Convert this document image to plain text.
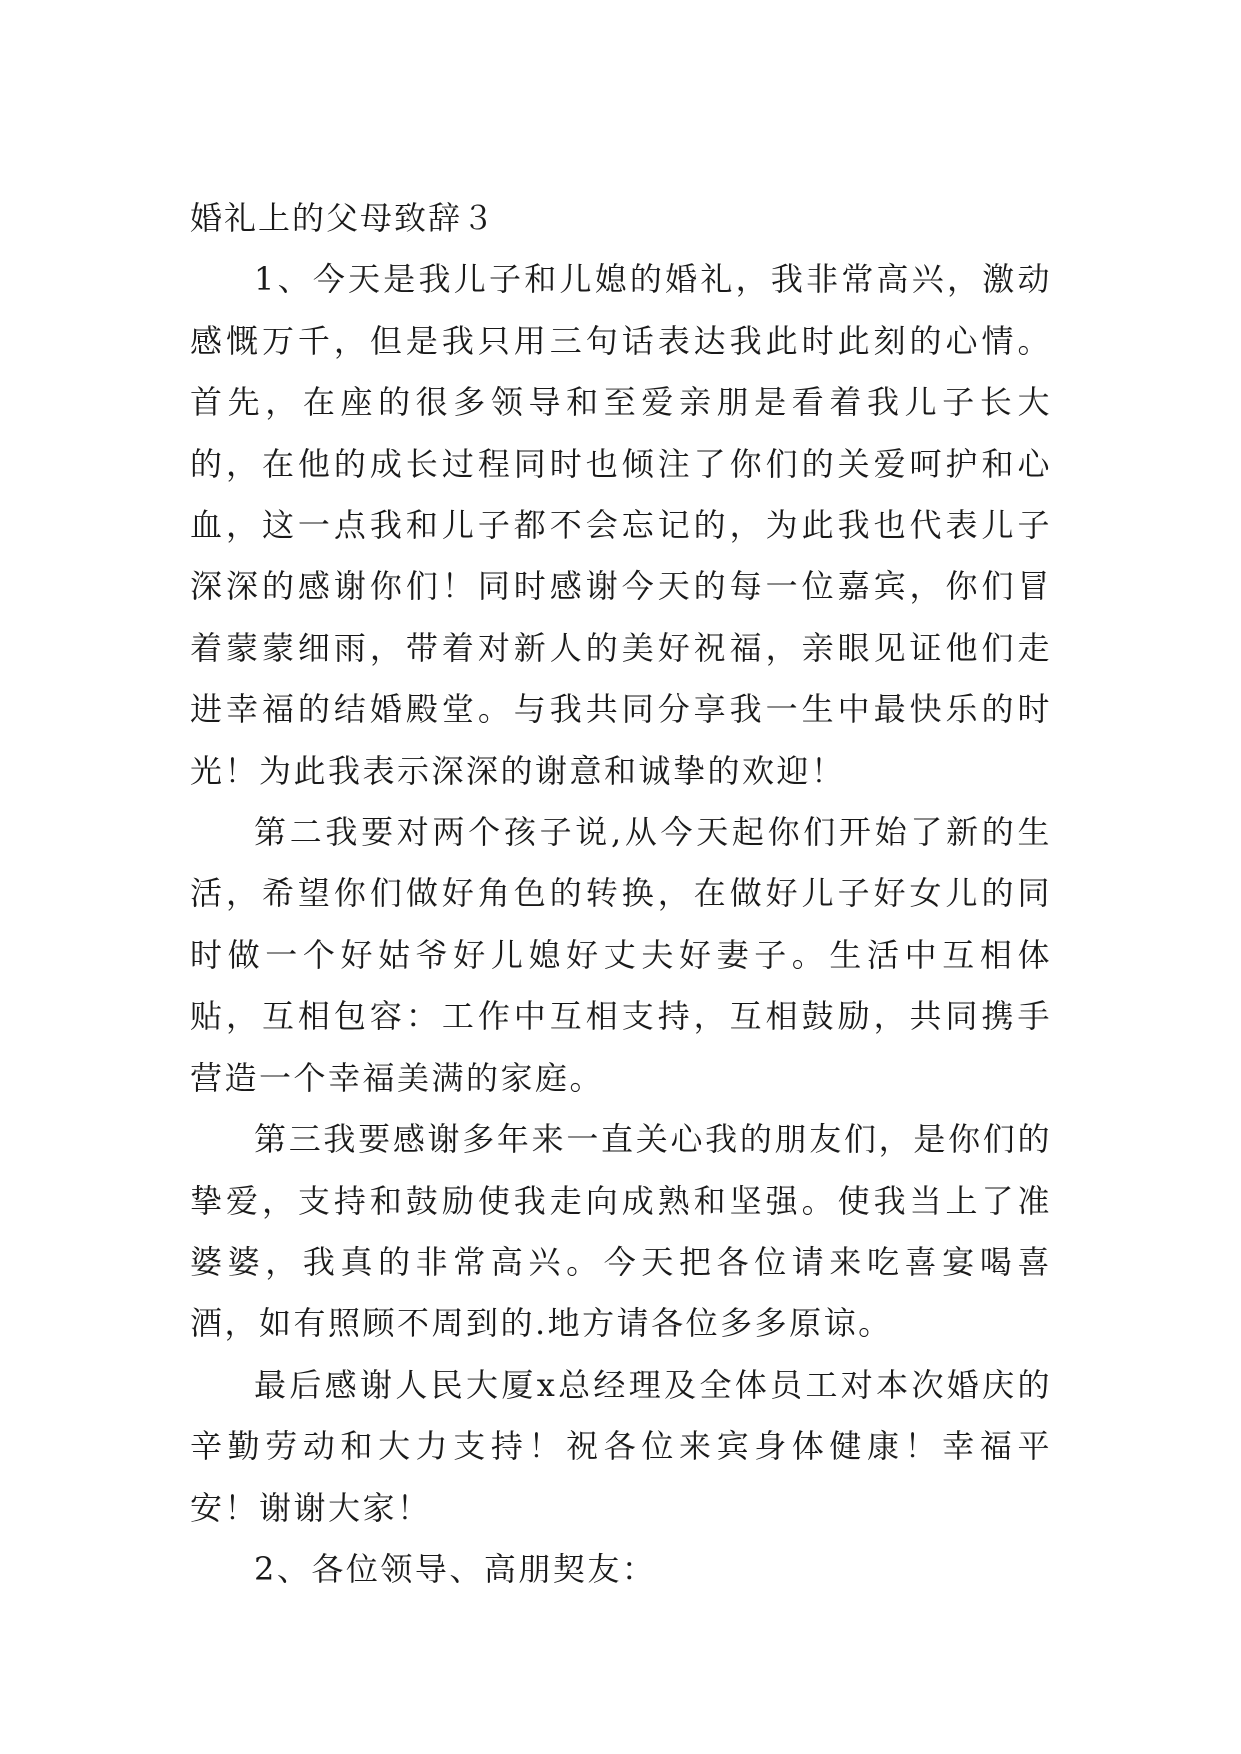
婚礼上的父母致辞３

1、今天是我儿子和儿媳的婚礼，我非常高兴，激动感慨万千，但是我只用三句话表达我此时此刻的心情。首先，在座的很多领导和至爱亲朋是看着我儿子长大的，在他的成长过程同时也倾注了你们的关爱呵护和心血，这一点我和儿子都不会忘记的，为此我也代表儿子深深的感谢你们！同时感谢今天的每一位嘉宾，你们冒着蒙蒙细雨，带着对新人的美好祝福，亲眼见证他们走进幸福的结婚殿堂。与我共同分享我一生中最快乐的时光！为此我表示深深的谢意和诚挚的欢迎！

第二我要对两个孩子说,从今天起你们开始了新的生活，希望你们做好角色的转换，在做好儿子好女儿的同时做一个好姑爷好儿媳好丈夫好妻子。生活中互相体贴，互相包容：工作中互相支持，互相鼓励，共同携手营造一个幸福美满的家庭。

第三我要感谢多年来一直关心我的朋友们，是你们的挚爱，支持和鼓励使我走向成熟和坚强。使我当上了准婆婆，我真的非常高兴。今天把各位请来吃喜宴喝喜酒，如有照顾不周到的.地方请各位多多原谅。

最后感谢人民大厦x总经理及全体员工对本次婚庆的辛勤劳动和大力支持！祝各位来宾身体健康！幸福平安！谢谢大家！

2、各位领导、高朋契友：
